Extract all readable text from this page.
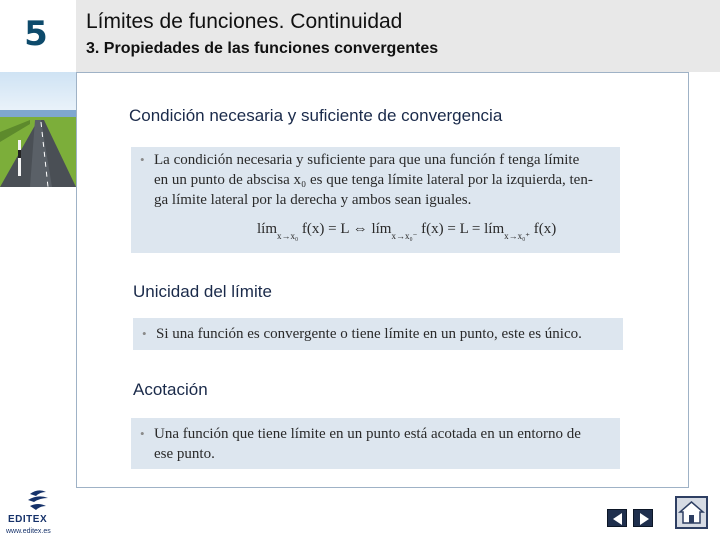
5	Límites de funciones. Continuidad
3. Propiedades de las funciones convergentes
Condición necesaria y suficiente de convergencia
• La condición necesaria y suficiente para que una función f tenga límite
en un punto de abscisa x₀ es que tenga límite lateral por la izquierda, ten-
ga límite lateral por la derecha y ambos sean iguales.
lím$_{x\to x_0}$ f(x) = L ⇔ lím$_{x\to x_0^-}$ f(x) = L = lím$_{x\to x_0^+}$ f(x)
Unicidad del límite
• Si una función es convergente o tiene límite en un punto, este es único.
Acotación
• Una función que tiene límite en un punto está acotada en un entorno de
ese punto.
EDITEX
www.editex.es
